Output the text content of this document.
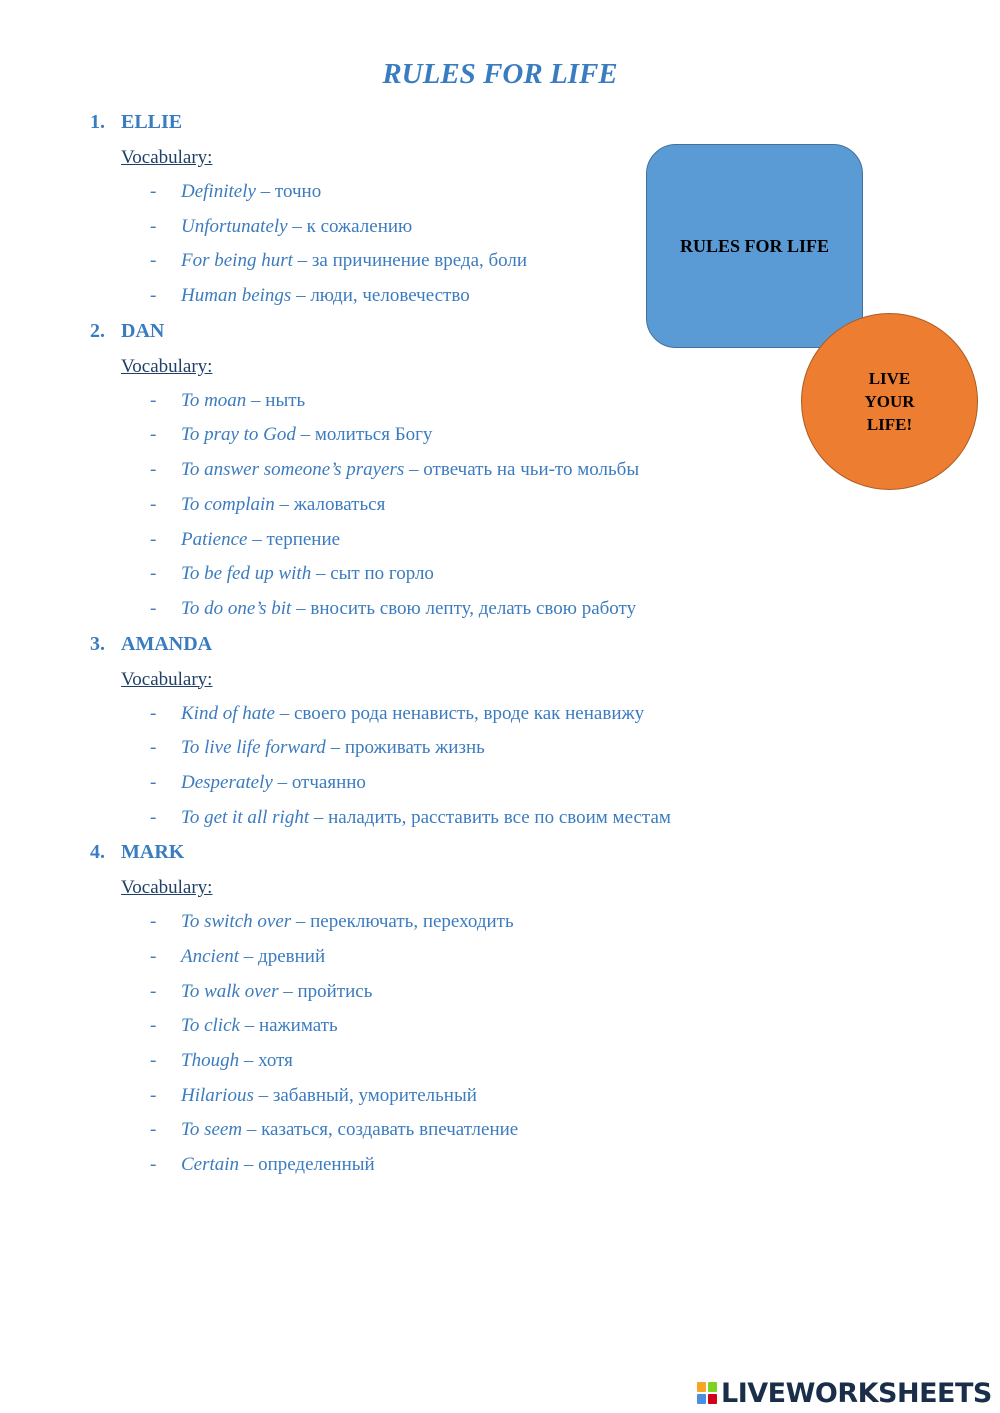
RULES FOR LIFE
1. ELLIE
Vocabulary:
- Definitely – точно
- Unfortunately – к сожалению
- For being hurt – за причинение вреда, боли
- Human beings – люди, человечество
2. DAN
Vocabulary:
- To moan – ныть
- To pray to God – молиться Богу
- To answer someone’s prayers – отвечать на чьи-то мольбы
- To complain – жаловаться
- Patience – терпение
- To be fed up with – сыт по горло
- To do one’s bit – вносить свою лепту, делать свою работу
3. AMANDA
Vocabulary:
- Kind of hate – своего рода ненависть, вроде как ненавижу
- To live life forward – проживать жизнь
- Desperately – отчаянно
- To get it all right – наладить, расставить все по своим местам
4. MARK
Vocabulary:
- To switch over – переключать, переходить
- Ancient – древний
- To walk over – пройтись
- To click – нажимать
- Though – хотя
- Hilarious – забавный, уморительный
- To seem – казаться, создавать впечатление
- Certain – определенный
RULES FOR LIFE
LIVE YOUR LIFE!
LIVEWORKSHEETS
